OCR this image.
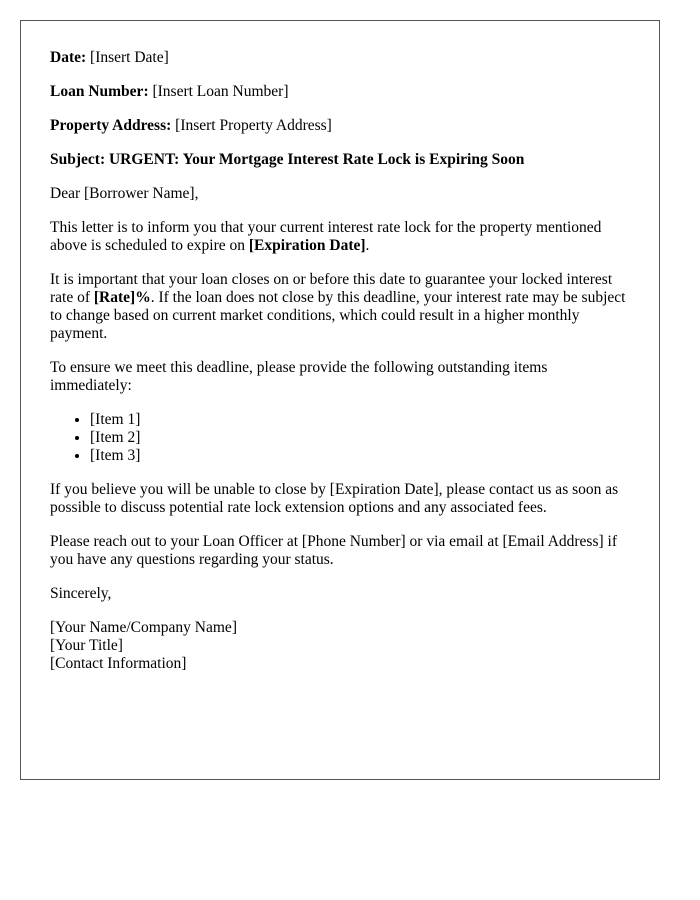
Date: [Insert Date]

Loan Number: [Insert Loan Number]

Property Address: [Insert Property Address]

Subject: URGENT: Your Mortgage Interest Rate Lock is Expiring Soon

Dear [Borrower Name],

This letter is to inform you that your current interest rate lock for the property mentioned above is scheduled to expire on [Expiration Date].

It is important that your loan closes on or before this date to guarantee your locked interest rate of [Rate]%. If the loan does not close by this deadline, your interest rate may be subject to change based on current market conditions, which could result in a higher monthly payment.

To ensure we meet this deadline, please provide the following outstanding items immediately:

• [Item 1]
• [Item 2]
• [Item 3]

If you believe you will be unable to close by [Expiration Date], please contact us as soon as possible to discuss potential rate lock extension options and any associated fees.

Please reach out to your Loan Officer at [Phone Number] or via email at [Email Address] if you have any questions regarding your status.

Sincerely,

[Your Name/Company Name]
[Your Title]
[Contact Information]
